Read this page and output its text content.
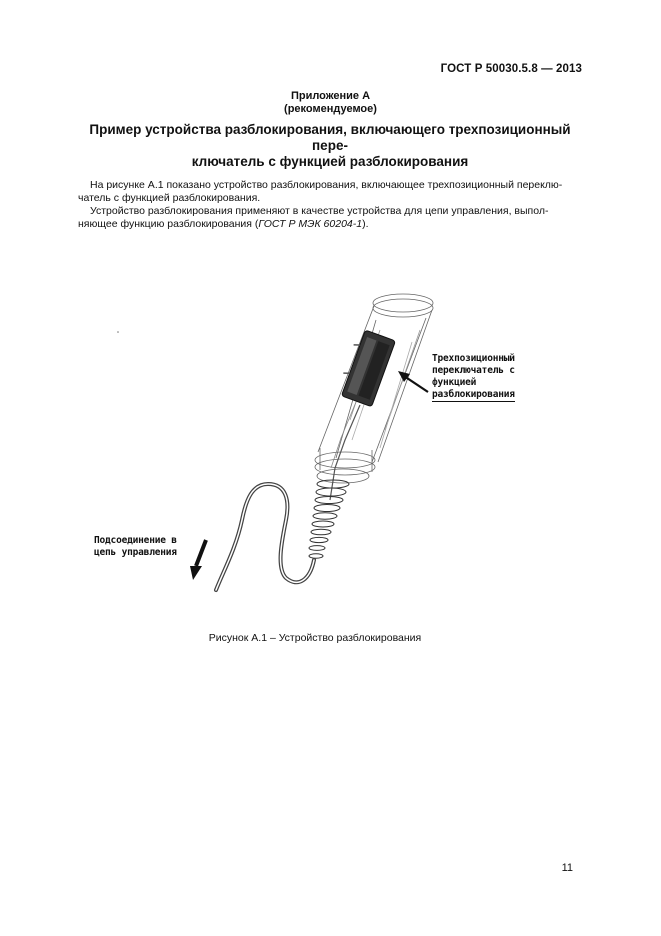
ГОСТ Р 50030.5.8 — 2013
Приложение А
(рекомендуемое)
Пример устройства разблокирования, включающего трехпозиционный пере-
ключатель с функцией разблокирования
На рисунке А.1 показано устройство разблокирования, включающее трехпозиционный переклю-
чатель с функцией разблокирования.
Устройство разблокирования применяют в качестве устройства для цепи управления, выпол-
няющее функцию разблокирования (ГОСТ Р МЭК 60204-1).
Трехпозиционный
переключатель с
функцией
разблокирования
Подсоединение в
цепь управления
Рисунок А.1 – Устройство разблокирования
11
